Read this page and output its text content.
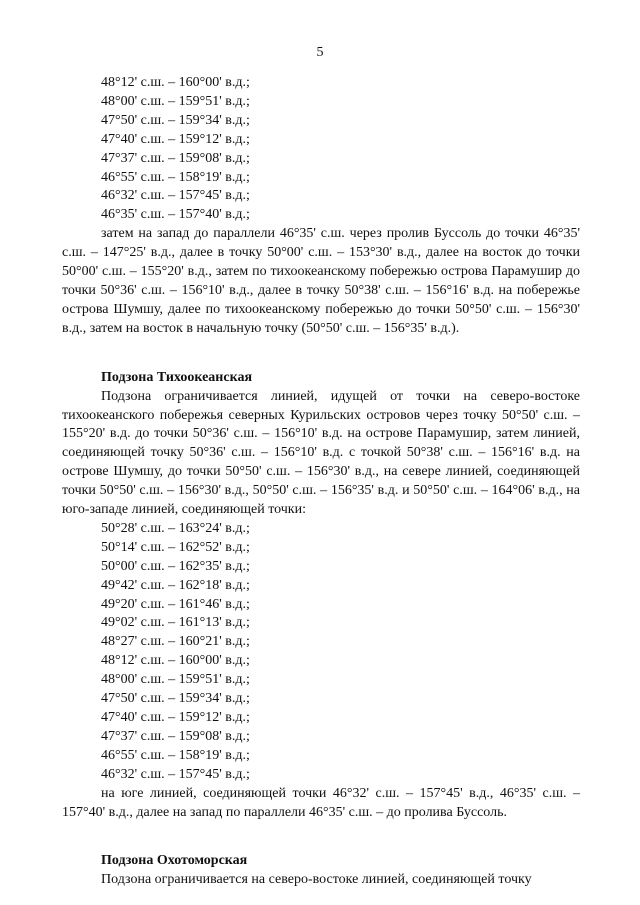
5
48°12' с.ш. – 160°00' в.д.;
48°00' с.ш. – 159°51' в.д.;
47°50' с.ш. – 159°34' в.д.;
47°40' с.ш. – 159°12' в.д.;
47°37' с.ш. – 159°08' в.д.;
46°55' с.ш. – 158°19' в.д.;
46°32' с.ш. – 157°45' в.д.;
46°35' с.ш. – 157°40' в.д.;

затем на запад до параллели 46°35' с.ш. через пролив Буссоль до точки 46°35' с.ш. – 147°25' в.д., далее в точку 50°00' с.ш. – 153°30' в.д., далее на восток до точки 50°00' с.ш. – 155°20' в.д., затем по тихоокеанскому побережью острова Парамушир до точки 50°36' с.ш. – 156°10' в.д., далее в точку 50°38' с.ш. – 156°16' в.д. на побережье острова Шумшу, далее по тихоокеанскому побережью до точки 50°50' с.ш. – 156°30' в.д., затем на восток в начальную точку (50°50' с.ш. – 156°35' в.д.).

Подзона Тихоокеанская

Подзона ограничивается линией, идущей от точки на северо-востоке тихоокеанского побережья северных Курильских островов через точку 50°50' с.ш. – 155°20' в.д. до точки 50°36' с.ш. – 156°10' в.д. на острове Парамушир, затем линией, соединяющей точку 50°36' с.ш. – 156°10' в.д. с точкой 50°38' с.ш. – 156°16' в.д. на острове Шумшу, до точки 50°50' с.ш. – 156°30' в.д., на севере линией, соединяющей точки 50°50' с.ш. – 156°30' в.д., 50°50' с.ш. – 156°35' в.д. и 50°50' с.ш. – 164°06' в.д., на юго-западе линией, соединяющей точки:

50°28' с.ш. – 163°24' в.д.;
50°14' с.ш. – 162°52' в.д.;
50°00' с.ш. – 162°35' в.д.;
49°42' с.ш. – 162°18' в.д.;
49°20' с.ш. – 161°46' в.д.;
49°02' с.ш. – 161°13' в.д.;
48°27' с.ш. – 160°21' в.д.;
48°12' с.ш. – 160°00' в.д.;
48°00' с.ш. – 159°51' в.д.;
47°50' с.ш. – 159°34' в.д.;
47°40' с.ш. – 159°12' в.д.;
47°37' с.ш. – 159°08' в.д.;
46°55' с.ш. – 158°19' в.д.;
46°32' с.ш. – 157°45' в.д.;

на юге линией, соединяющей точки 46°32' с.ш. – 157°45' в.д., 46°35' с.ш. – 157°40' в.д., далее на запад по параллели 46°35' с.ш. – до пролива Буссоль.

Подзона Охотоморская

Подзона ограничивается на северо-востоке линией, соединяющей точку
